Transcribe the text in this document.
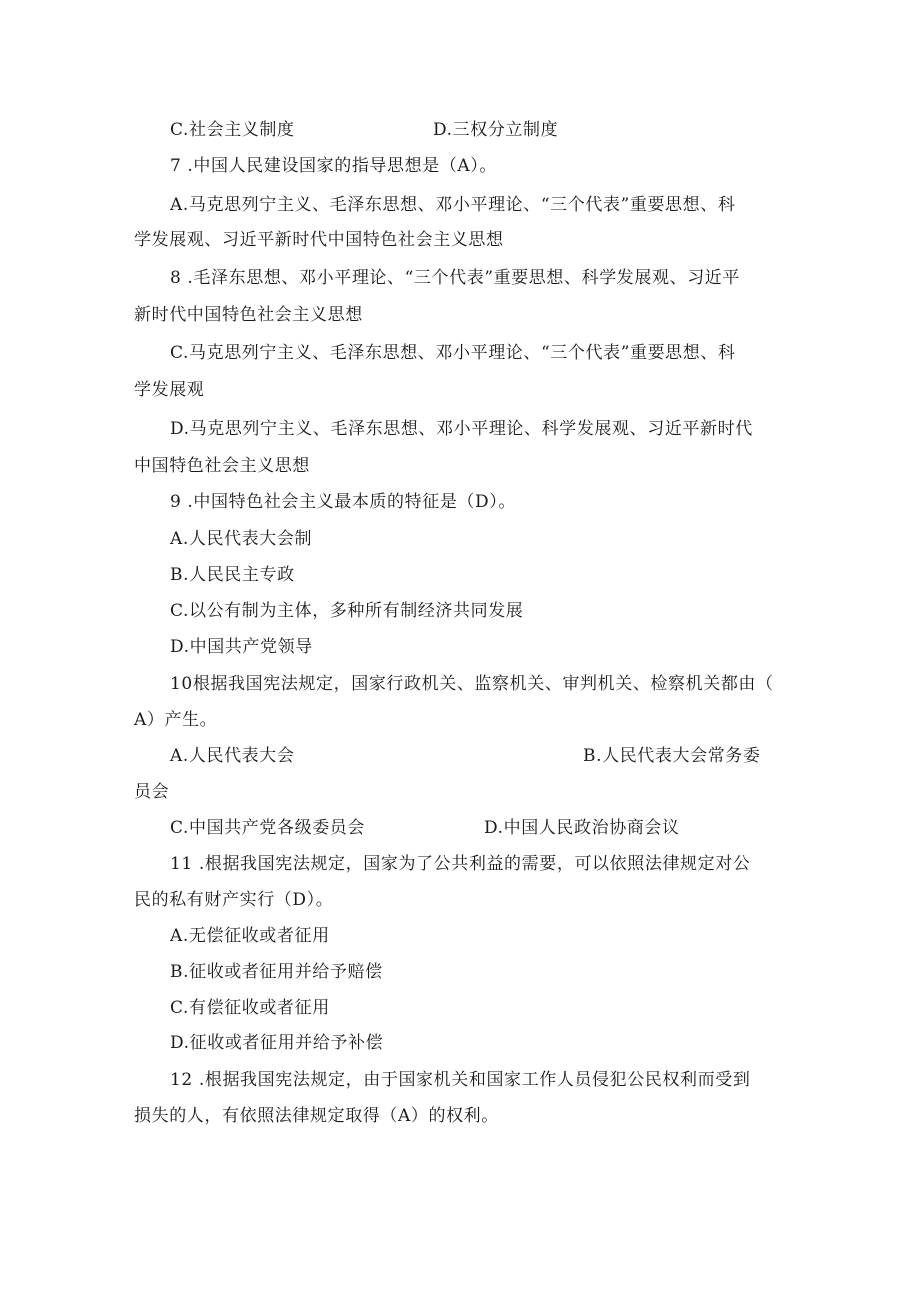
C.社会主义制度	D.三权分立制度
7 .中国人民建设国家的指导思想是（A）。
A.马克思列宁主义、毛泽东思想、邓小平理论、“三个代表”重要思想、科
学发展观、习近平新时代中国特色社会主义思想
8 .毛泽东思想、邓小平理论、“三个代表”重要思想、科学发展观、习近平
新时代中国特色社会主义思想
C.马克思列宁主义、毛泽东思想、邓小平理论、“三个代表”重要思想、科
学发展观
D.马克思列宁主义、毛泽东思想、邓小平理论、科学发展观、习近平新时代
中国特色社会主义思想
9 .中国特色社会主义最本质的特征是（D）。
A.人民代表大会制
B.人民民主专政
C.以公有制为主体，多种所有制经济共同发展
D.中国共产党领导
10根据我国宪法规定，国家行政机关、监察机关、审判机关、检察机关都由（
A）产生。
A.人民代表大会	B.人民代表大会常务委
员会
C.中国共产党各级委员会	D.中国人民政治协商会议
11 .根据我国宪法规定，国家为了公共利益的需要，可以依照法律规定对公
民的私有财产实行（D）。
A.无偿征收或者征用
B.征收或者征用并给予赔偿
C.有偿征收或者征用
D.征收或者征用并给予补偿
12 .根据我国宪法规定，由于国家机关和国家工作人员侵犯公民权利而受到
损失的人，有依照法律规定取得（A）的权利。
